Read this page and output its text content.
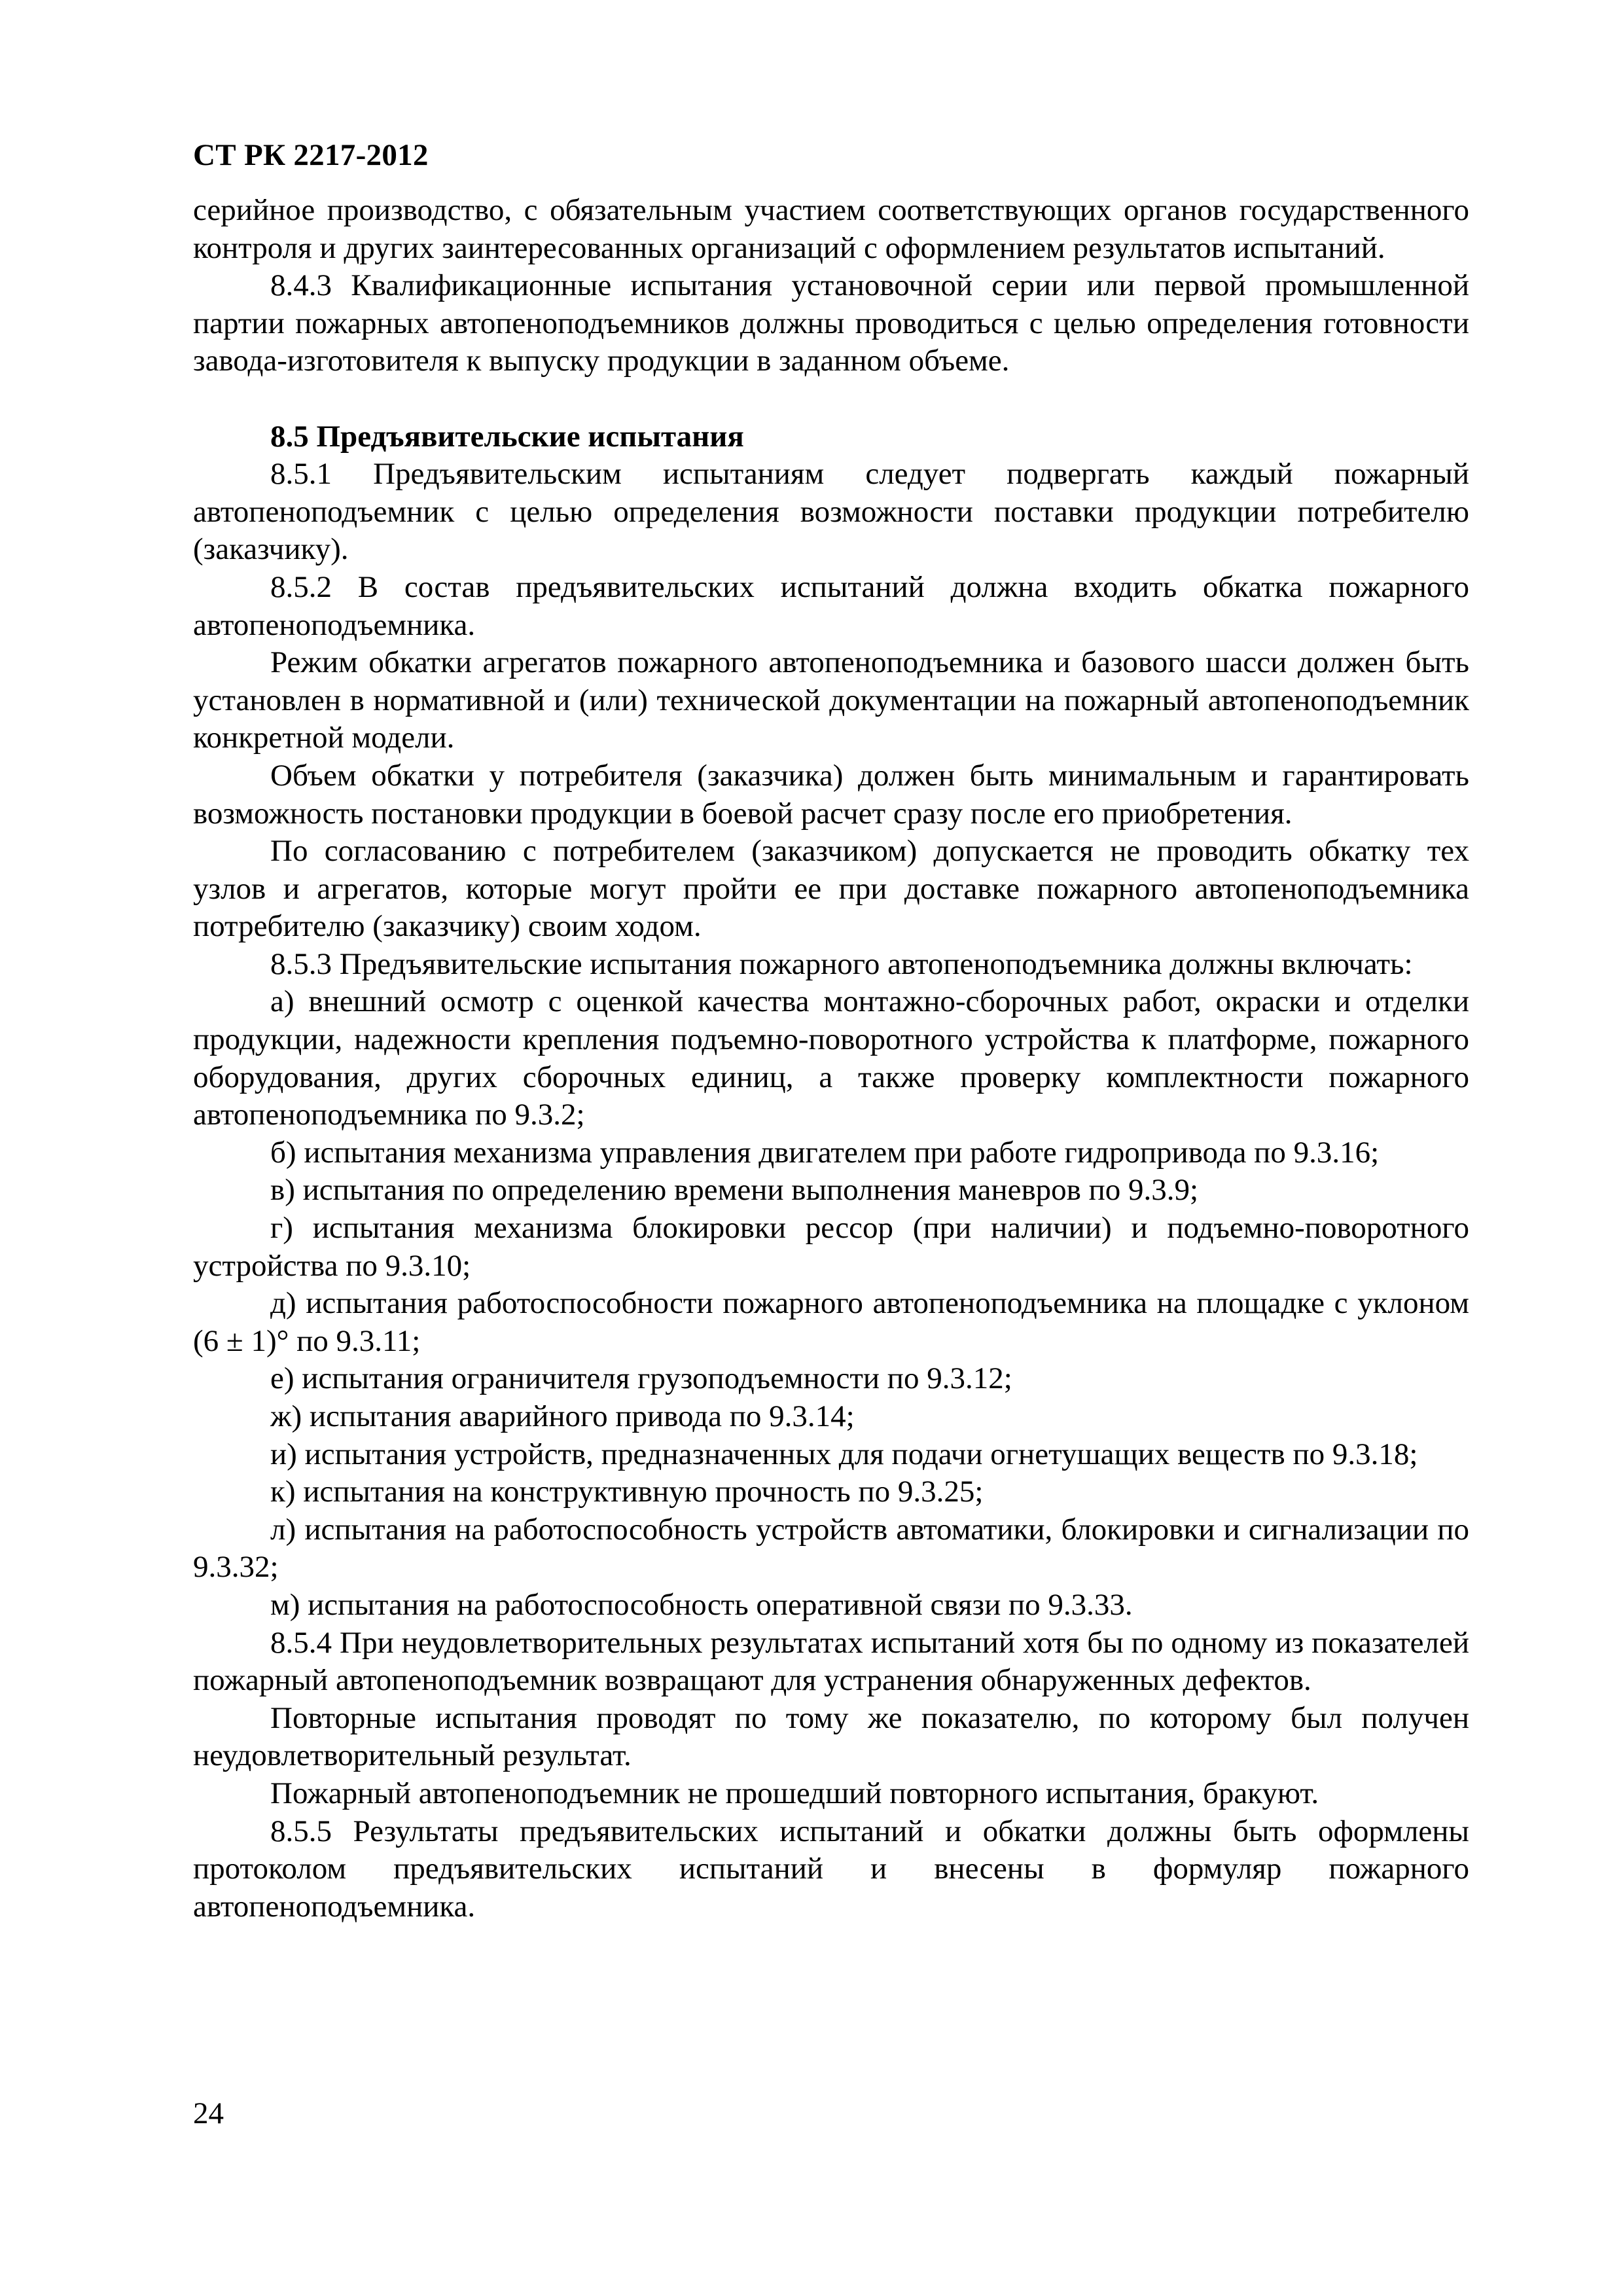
СТ РК 2217-2012

серийное производство, с обязательным участием соответствующих органов государственного контроля и других заинтересованных организаций с оформлением результатов испытаний.

8.4.3 Квалификационные испытания установочной серии или первой промышленной партии пожарных автопеноподъемников должны проводиться с целью определения готовности завода-изготовителя к выпуску продукции в заданном объеме.

8.5 Предъявительские испытания

8.5.1 Предъявительским испытаниям следует подвергать каждый пожарный автопеноподъемник с целью определения возможности поставки продукции потребителю (заказчику).

8.5.2 В состав предъявительских испытаний должна входить обкатка пожарного автопеноподъемника.

Режим обкатки агрегатов пожарного автопеноподъемника и базового шасси должен быть установлен в нормативной и (или) технической документации на пожарный автопеноподъемник конкретной модели.

Объем обкатки у потребителя (заказчика) должен быть минимальным и гарантировать возможность постановки продукции в боевой расчет сразу после его приобретения.

По согласованию с потребителем (заказчиком) допускается не проводить обкатку тех узлов и агрегатов, которые могут пройти ее при доставке пожарного автопеноподъемника потребителю (заказчику) своим ходом.

8.5.3 Предъявительские испытания пожарного автопеноподъемника должны включать:

а) внешний осмотр с оценкой качества монтажно-сборочных работ, окраски и отделки продукции, надежности крепления подъемно-поворотного устройства к платформе, пожарного оборудования, других сборочных единиц, а также проверку комплектности пожарного автопеноподъемника по 9.3.2;

б) испытания механизма управления двигателем при работе гидропривода по 9.3.16;

в) испытания по определению времени выполнения маневров по 9.3.9;

г) испытания механизма блокировки рессор (при наличии) и подъемно-поворотного устройства по 9.3.10;

д) испытания работоспособности пожарного автопеноподъемника на площадке с уклоном (6 ± 1)° по 9.3.11;

е) испытания ограничителя грузоподъемности по 9.3.12;

ж) испытания аварийного привода по 9.3.14;

и) испытания устройств, предназначенных для подачи огнетушащих веществ по 9.3.18;

к) испытания на конструктивную прочность по 9.3.25;

л) испытания на работоспособность устройств автоматики, блокировки и сигнализации по 9.3.32;

м) испытания на работоспособность оперативной связи по 9.3.33.

8.5.4 При неудовлетворительных результатах испытаний хотя бы по одному из показателей пожарный автопеноподъемник возвращают для устранения обнаруженных дефектов.

Повторные испытания проводят по тому же показателю, по которому был получен неудовлетворительный результат.

Пожарный автопеноподъемник не прошедший повторного испытания, бракуют.

8.5.5 Результаты предъявительских испытаний и обкатки должны быть оформлены протоколом предъявительских испытаний и внесены в формуляр пожарного автопеноподъемника.

24
